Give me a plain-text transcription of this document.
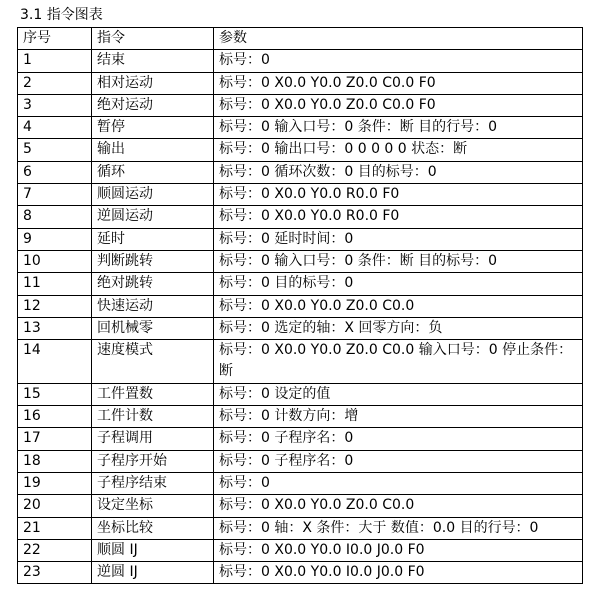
3.1 指令图表
序号	指令	参数
1	结束	标号：0
2	相对运动	标号：0 X0.0 Y0.0 Z0.0 C0.0 F0
3	绝对运动	标号：0 X0.0 Y0.0 Z0.0 C0.0 F0
4	暂停	标号：0 输入口号：0 条件：断 目的行号：0
5	输出	标号：0 输出口号：0 0 0 0 0 状态：断
6	循环	标号：0 循环次数：0 目的标号：0
7	顺圆运动	标号：0 X0.0 Y0.0 R0.0 F0
8	逆圆运动	标号：0 X0.0 Y0.0 R0.0 F0
9	延时	标号：0 延时时间：0
10	判断跳转	标号：0 输入口号：0 条件：断 目的标号：0
11	绝对跳转	标号：0 目的标号：0
12	快速运动	标号：0 X0.0 Y0.0 Z0.0 C0.0
13	回机械零	标号：0 选定的轴：X 回零方向：负
14	速度模式	标号：0 X0.0 Y0.0 Z0.0 C0.0 输入口号：0 停止条件：断
15	工件置数	标号：0 设定的值
16	工件计数	标号：0 计数方向：增
17	子程调用	标号：0 子程序名：0
18	子程序开始	标号：0 子程序名：0
19	子程序结束	标号：0
20	设定坐标	标号：0 X0.0 Y0.0 Z0.0 C0.0
21	坐标比较	标号：0 轴：X 条件：大于 数值：0.0 目的行号：0
22	顺圆 IJ	标号：0 X0.0 Y0.0 I0.0 J0.0 F0
23	逆圆 IJ	标号：0 X0.0 Y0.0 I0.0 J0.0 F0
